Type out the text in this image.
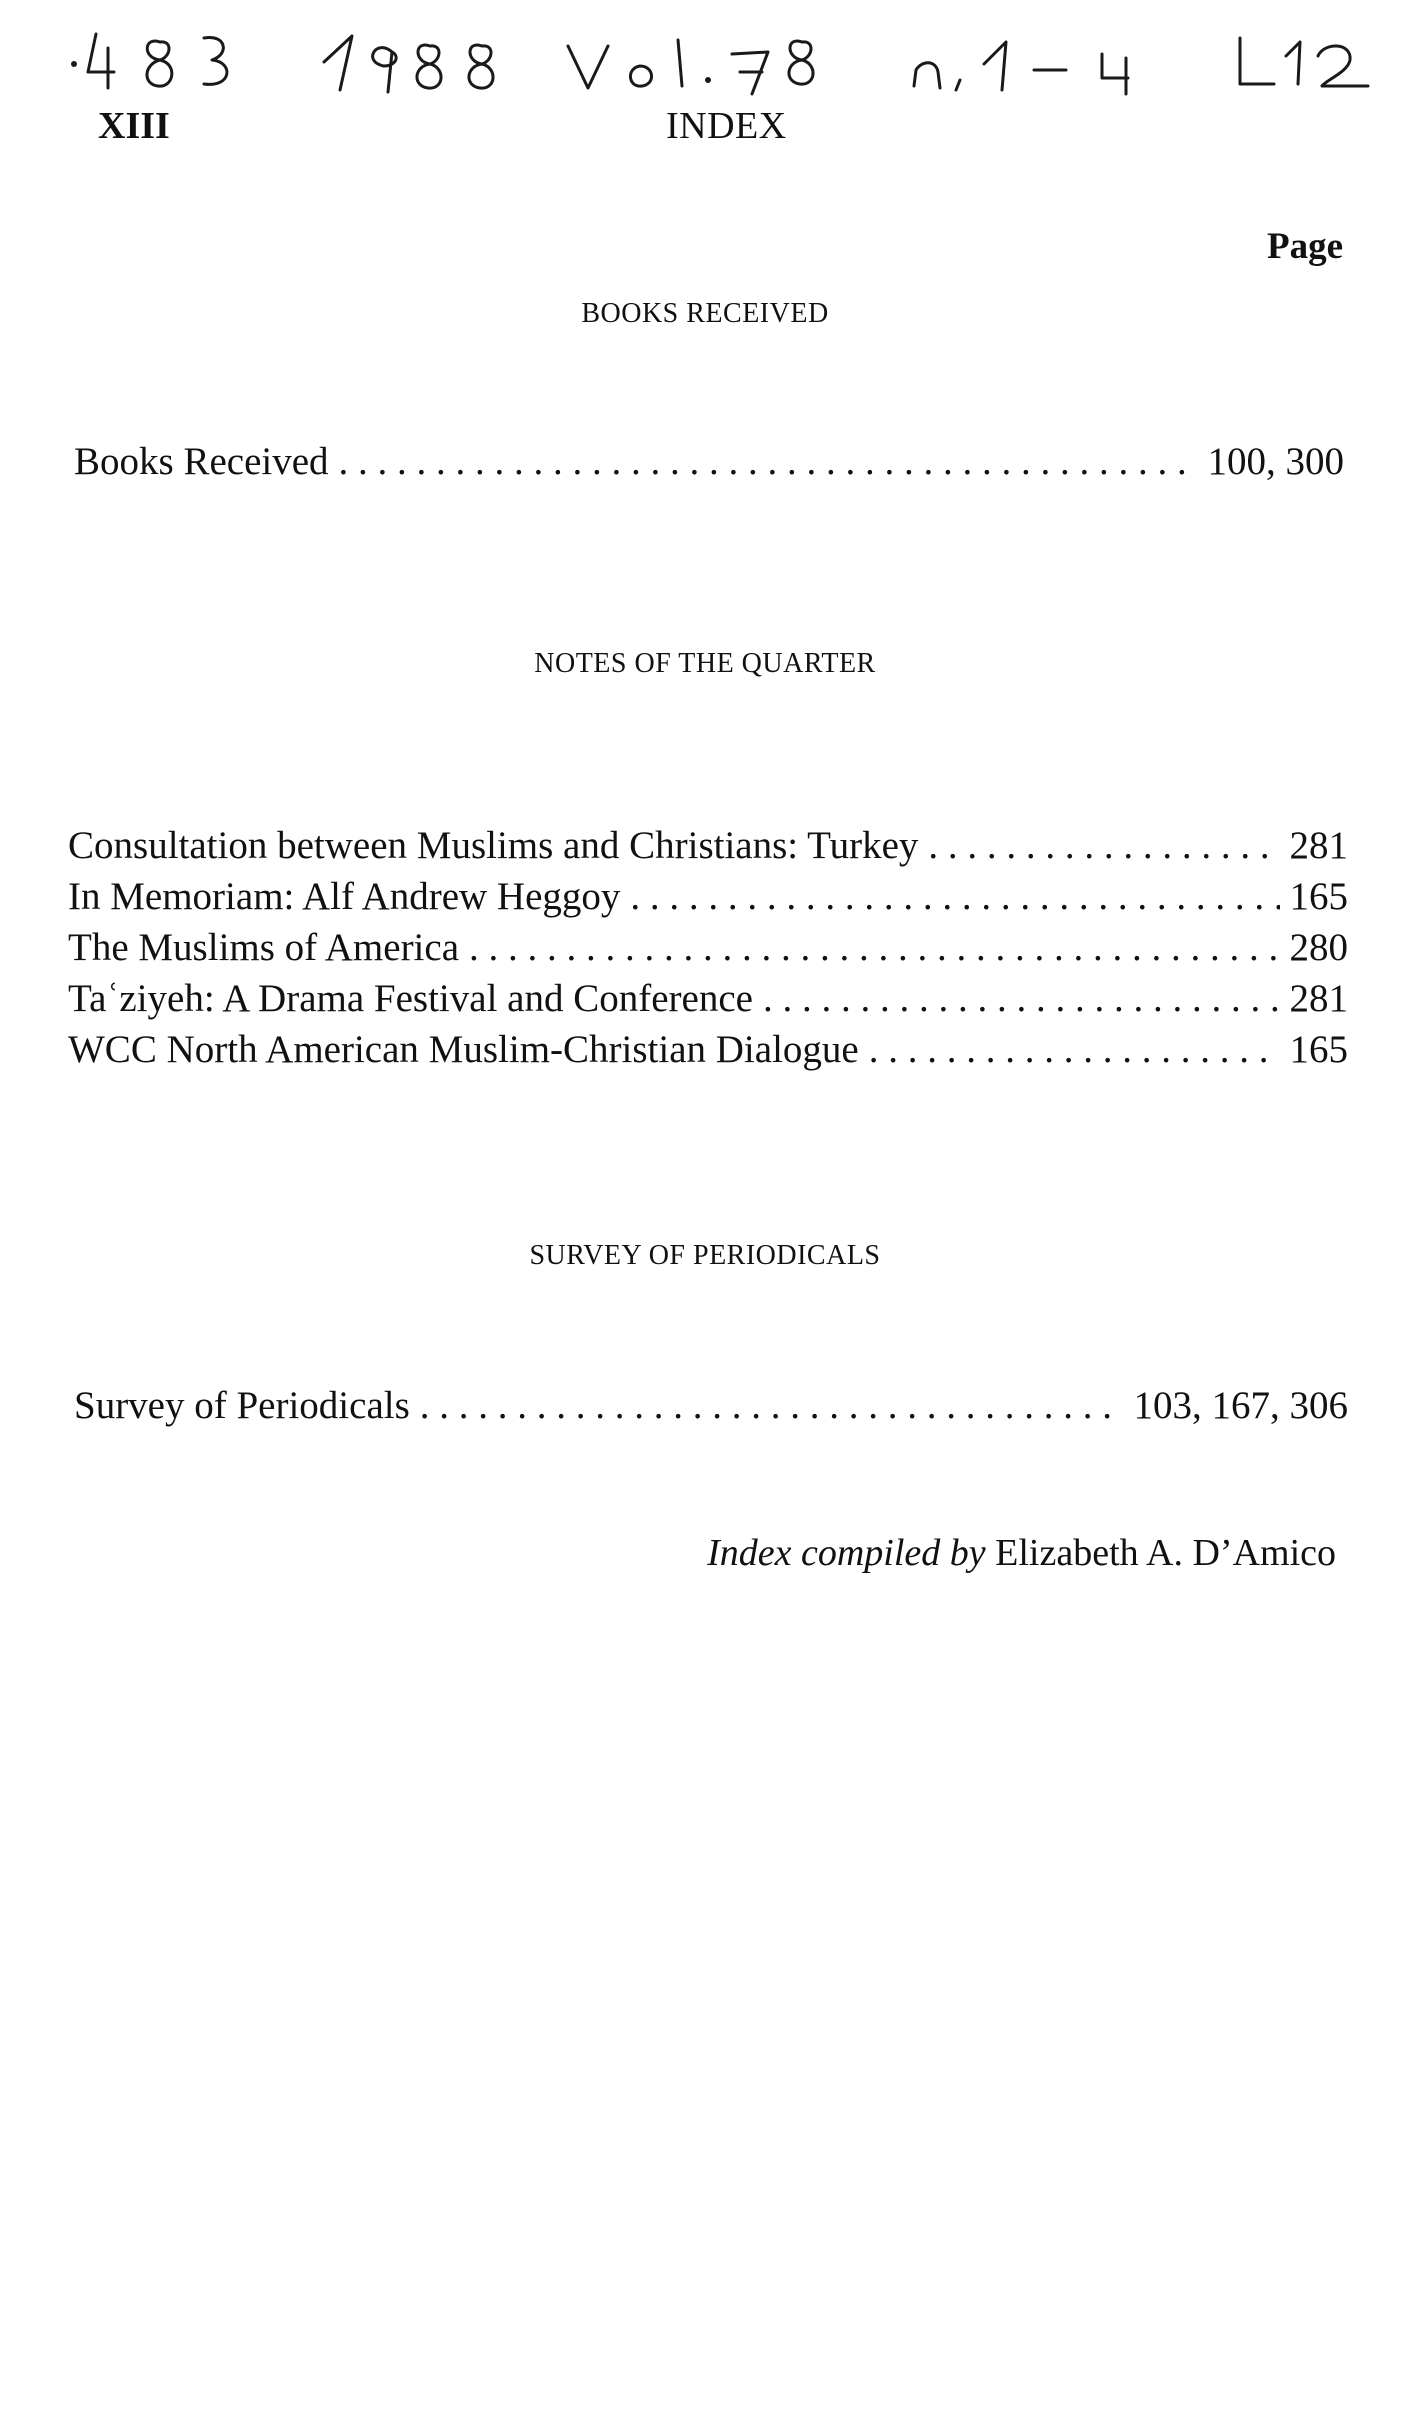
XIII	INDEX
Page
BOOKS RECEIVED
Books Received . . .	100, 300
NOTES OF THE QUARTER
Consultation between Muslims and Christians: Turkey . . .	281
In Memoriam: Alf Andrew Heggoy . . .	165
The Muslims of America . . .	280
Taʿziyeh: A Drama Festival and Conference . . .	281
WCC North American Muslim-Christian Dialogue . . .	165
SURVEY OF PERIODICALS
Survey of Periodicals . . .	103, 167, 306
Index compiled by Elizabeth A. D’Amico
